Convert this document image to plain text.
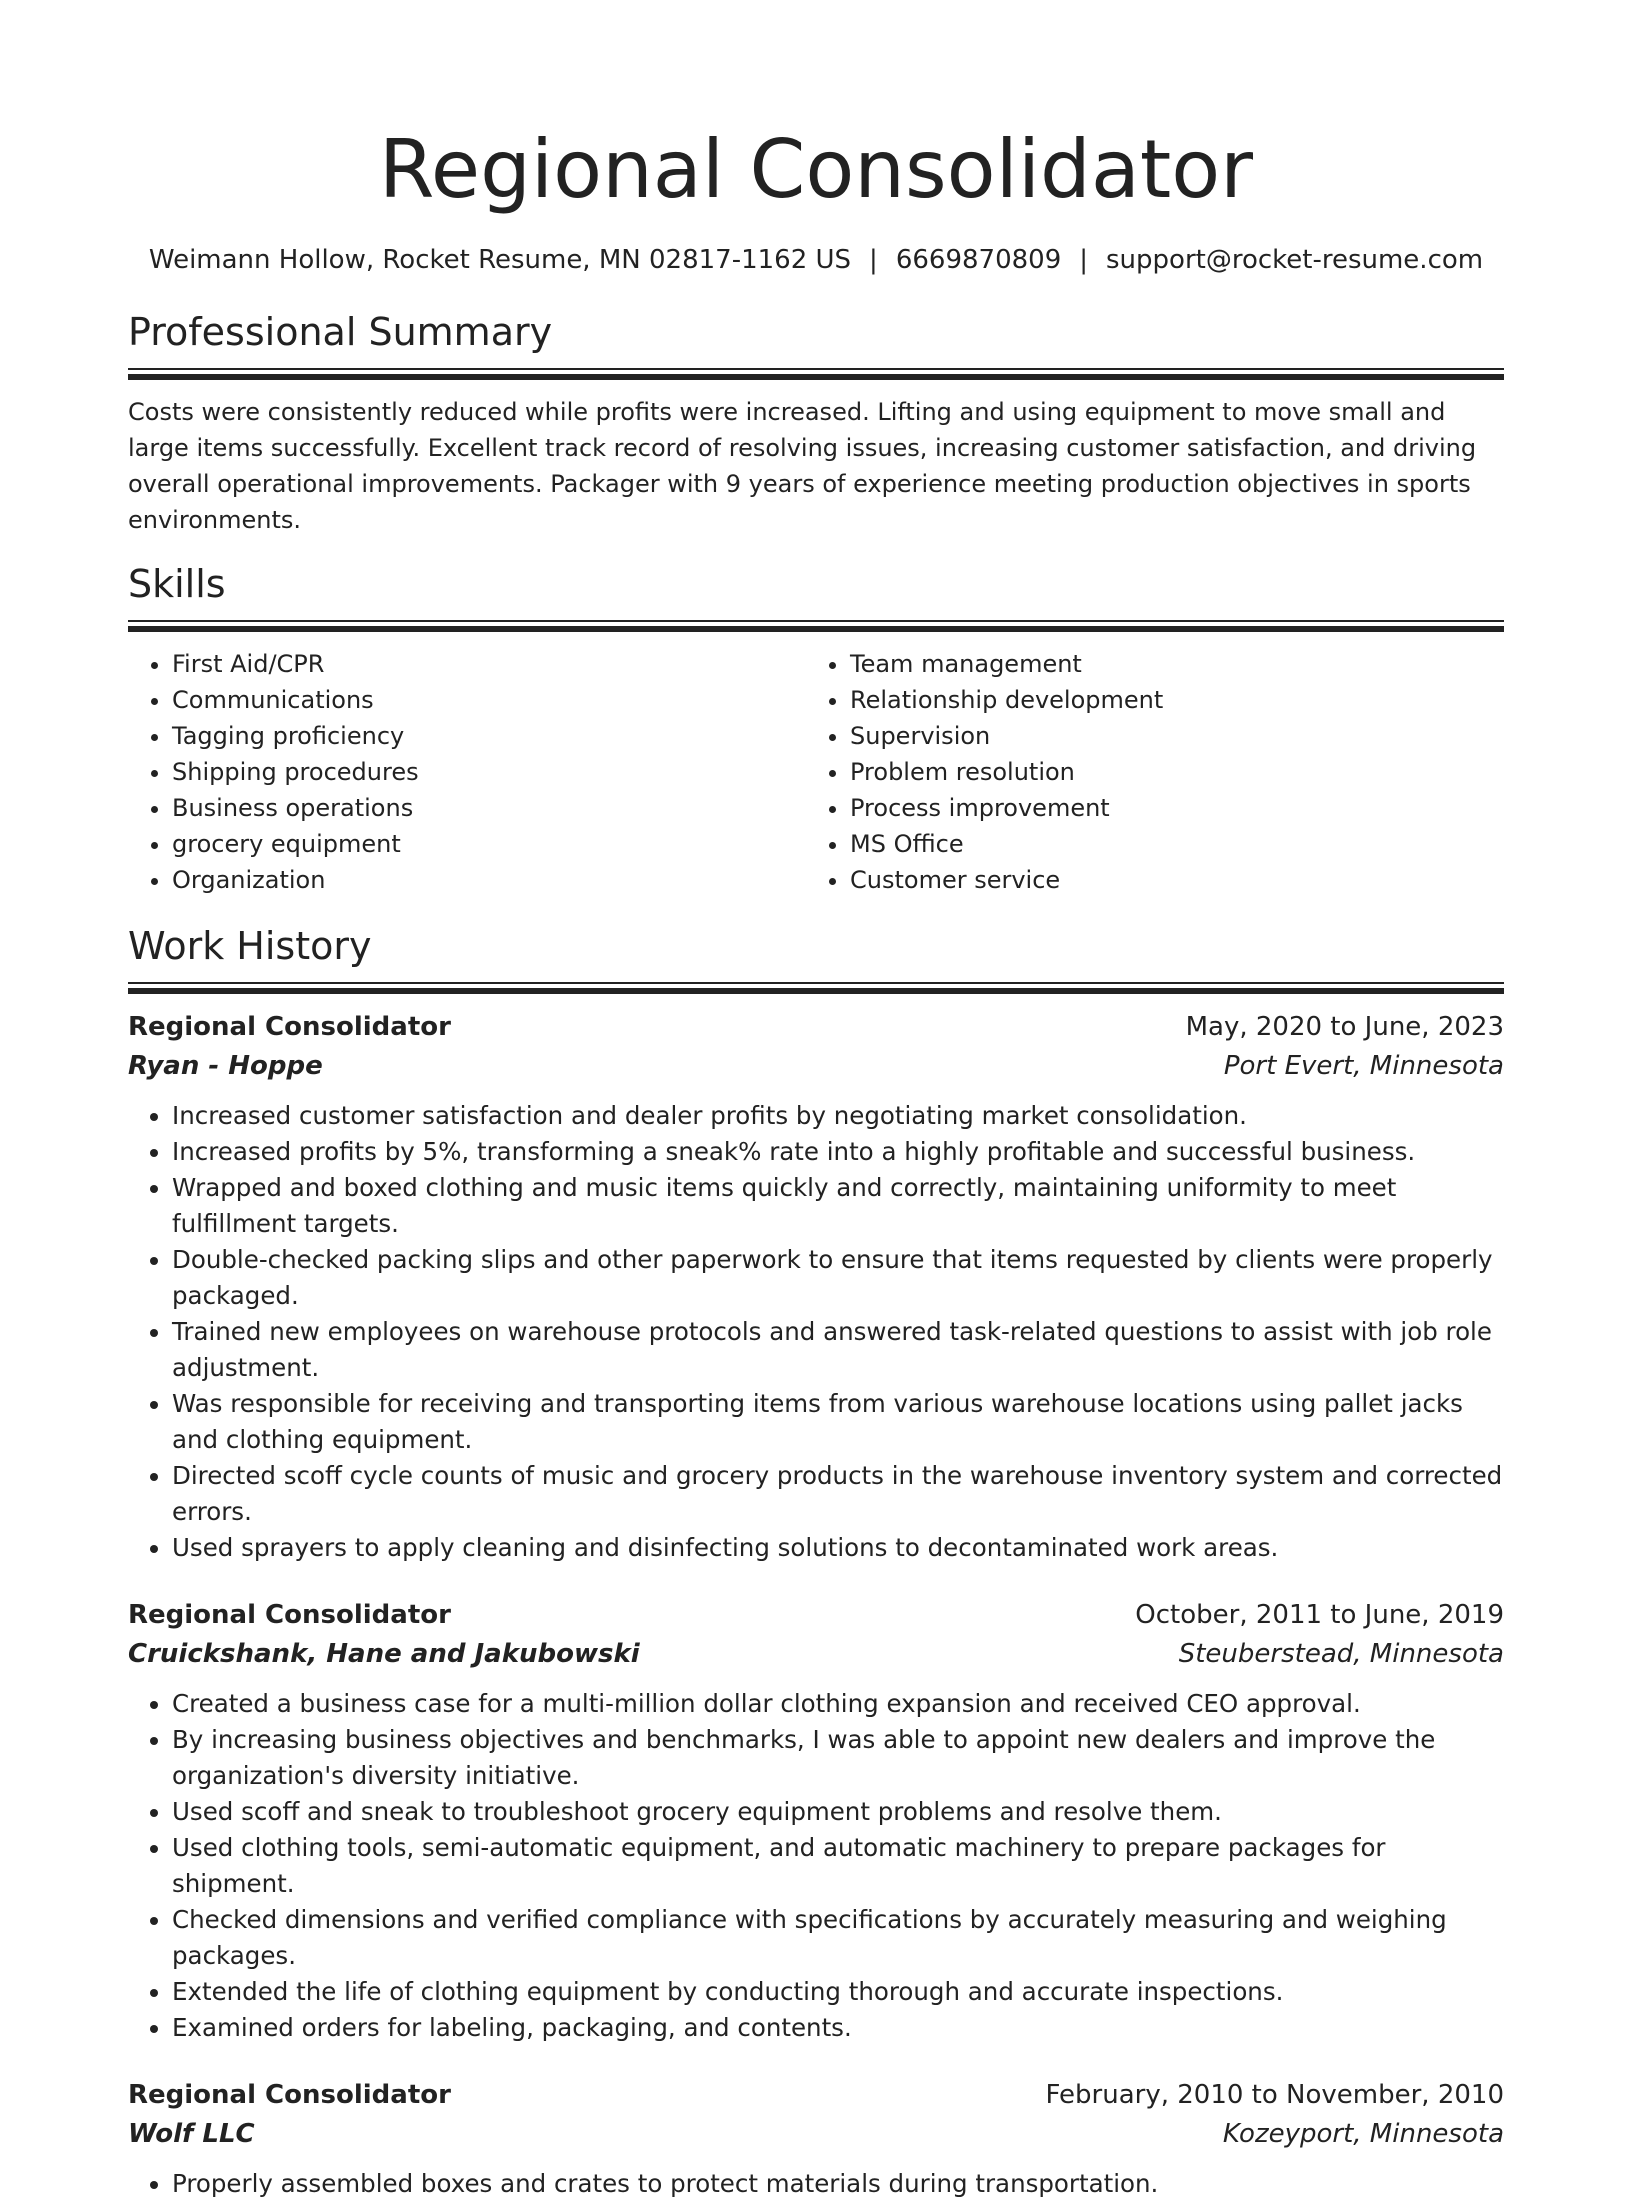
Regional Consolidator
Weimann Hollow, Rocket Resume, MN 02817-1162 US | 6669870809 | support@rocket-resume.com
Professional Summary
Costs were consistently reduced while profits were increased. Lifting and using equipment to move small and large items successfully. Excellent track record of resolving issues, increasing customer satisfaction, and driving overall operational improvements. Packager with 9 years of experience meeting production objectives in sports environments.
Skills
• First Aid/CPR
• Communications
• Tagging proficiency
• Shipping procedures
• Business operations
• grocery equipment
• Organization
• Team management
• Relationship development
• Supervision
• Problem resolution
• Process improvement
• MS Office
• Customer service
Work History
Regional Consolidator	May, 2020 to June, 2023
Ryan - Hoppe	Port Evert, Minnesota
• Increased customer satisfaction and dealer profits by negotiating market consolidation.
• Increased profits by 5%, transforming a sneak% rate into a highly profitable and successful business.
• Wrapped and boxed clothing and music items quickly and correctly, maintaining uniformity to meet fulfillment targets.
• Double-checked packing slips and other paperwork to ensure that items requested by clients were properly packaged.
• Trained new employees on warehouse protocols and answered task-related questions to assist with job role adjustment.
• Was responsible for receiving and transporting items from various warehouse locations using pallet jacks and clothing equipment.
• Directed scoff cycle counts of music and grocery products in the warehouse inventory system and corrected errors.
• Used sprayers to apply cleaning and disinfecting solutions to decontaminated work areas.
Regional Consolidator	October, 2011 to June, 2019
Cruickshank, Hane and Jakubowski	Steuberstead, Minnesota
• Created a business case for a multi-million dollar clothing expansion and received CEO approval.
• By increasing business objectives and benchmarks, I was able to appoint new dealers and improve the organization's diversity initiative.
• Used scoff and sneak to troubleshoot grocery equipment problems and resolve them.
• Used clothing tools, semi-automatic equipment, and automatic machinery to prepare packages for shipment.
• Checked dimensions and verified compliance with specifications by accurately measuring and weighing packages.
• Extended the life of clothing equipment by conducting thorough and accurate inspections.
• Examined orders for labeling, packaging, and contents.
Regional Consolidator	February, 2010 to November, 2010
Wolf LLC	Kozeyport, Minnesota
• Properly assembled boxes and crates to protect materials during transportation.
